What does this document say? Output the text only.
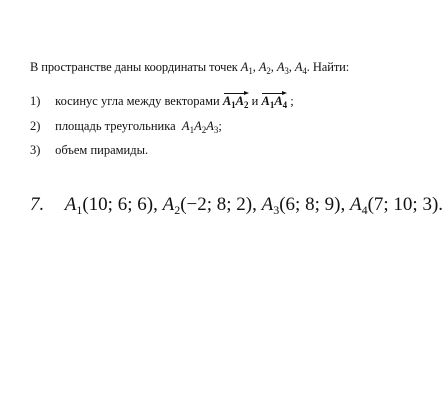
В пространстве даны координаты точек $A_1$, $A_2$, $A_3$, $A_4$. Найти:
1) косинус угла между векторами $A_1A_2$ и $A_1A_4$ ;
2) площадь треугольника $A_1A_2A_3$;
3) объем пирамиды.
7. $A_1(10$; 6; 6), $A_2(-2$; 8; 2), $A_3(6$; 8; 9), $A_4(7$; 10; 3).
